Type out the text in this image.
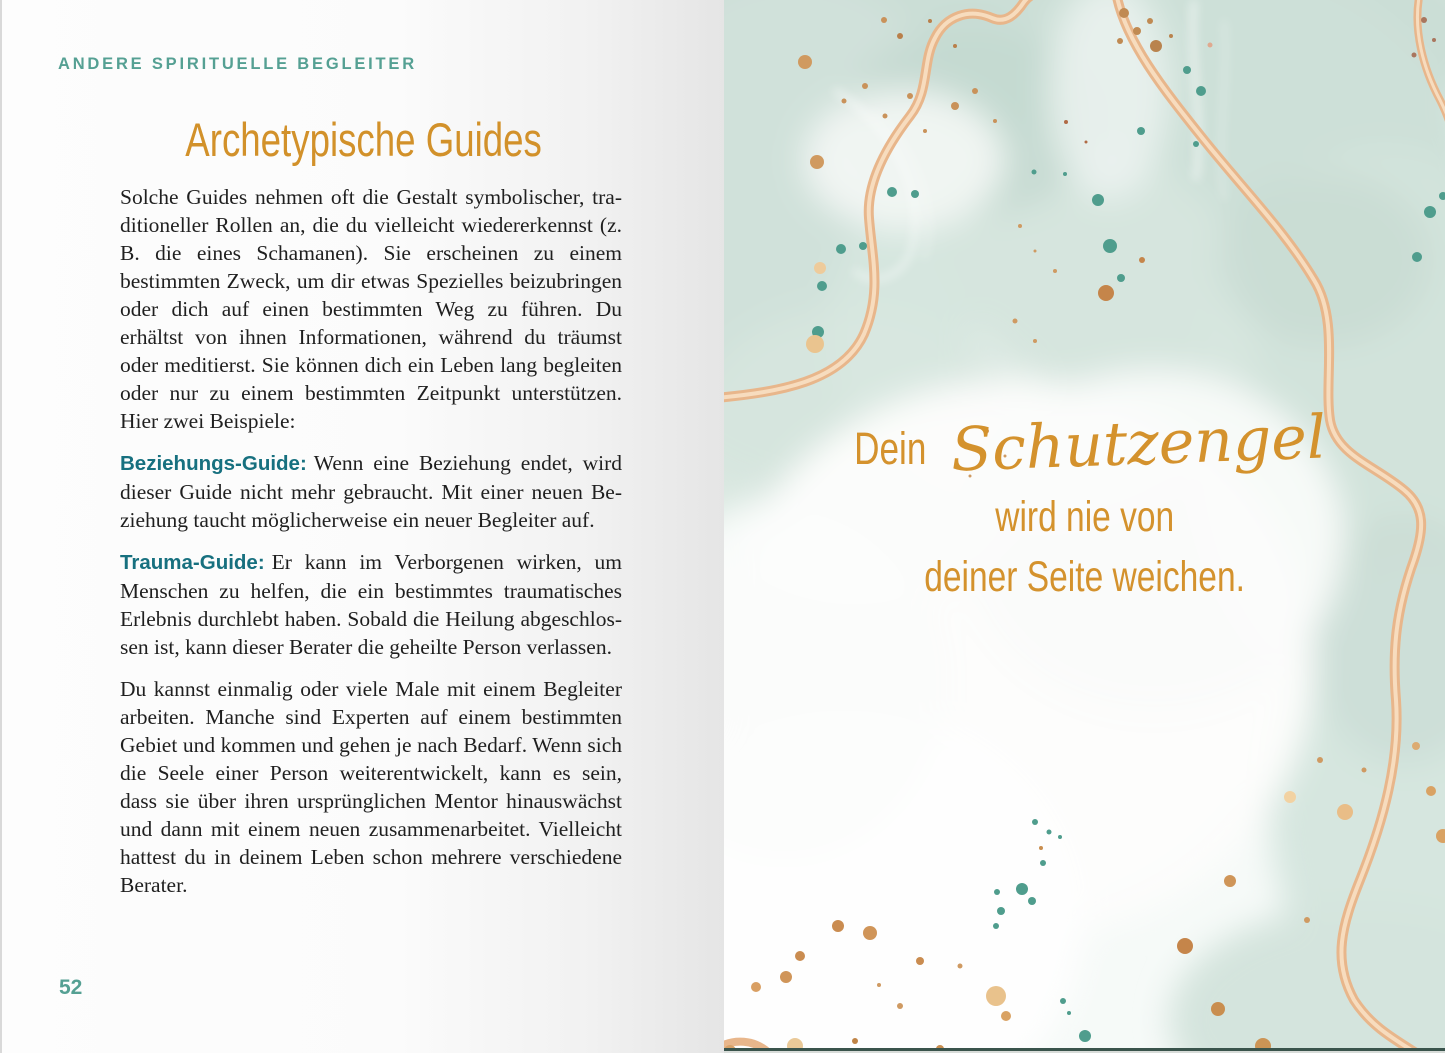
ANDERE SPIRITUELLE BEGLEITER
Archetypische Guides

Solche Guides nehmen oft die Gestalt symbolischer, traditioneller Rollen an, die du vielleicht wiedererkennst (z. B. die eines Schamanen). Sie erscheinen zu einem bestimmten Zweck, um dir etwas Spezielles beizubringen oder dich auf einen bestimmten Weg zu führen. Du erhältst von ihnen Informationen, während du träumst oder meditierst. Sie können dich ein Leben lang begleiten oder nur zu einem bestimmten Zeitpunkt unterstützen. Hier zwei Beispiele:

Beziehungs-Guide: Wenn eine Beziehung endet, wird dieser Guide nicht mehr gebraucht. Mit einer neuen Beziehung taucht möglicherweise ein neuer Begleiter auf.

Trauma-Guide: Er kann im Verborgenen wirken, um Menschen zu helfen, die ein bestimmtes traumatisches Erlebnis durchlebt haben. Sobald die Heilung abgeschlossen ist, kann dieser Berater die geheilte Person verlassen.

Du kannst einmalig oder viele Male mit einem Begleiter arbeiten. Manche sind Experten auf einem bestimmten Gebiet und kommen und gehen je nach Bedarf. Wenn sich die Seele einer Person weiterentwickelt, kann es sein, dass sie über ihren ursprünglichen Mentor hinauswächst und dann mit einem neuen zusammenarbeitet. Vielleicht hattest du in deinem Leben schon mehrere verschiedene Berater.

52
Dein Schutzengel
wird nie von
deiner Seite weichen.
